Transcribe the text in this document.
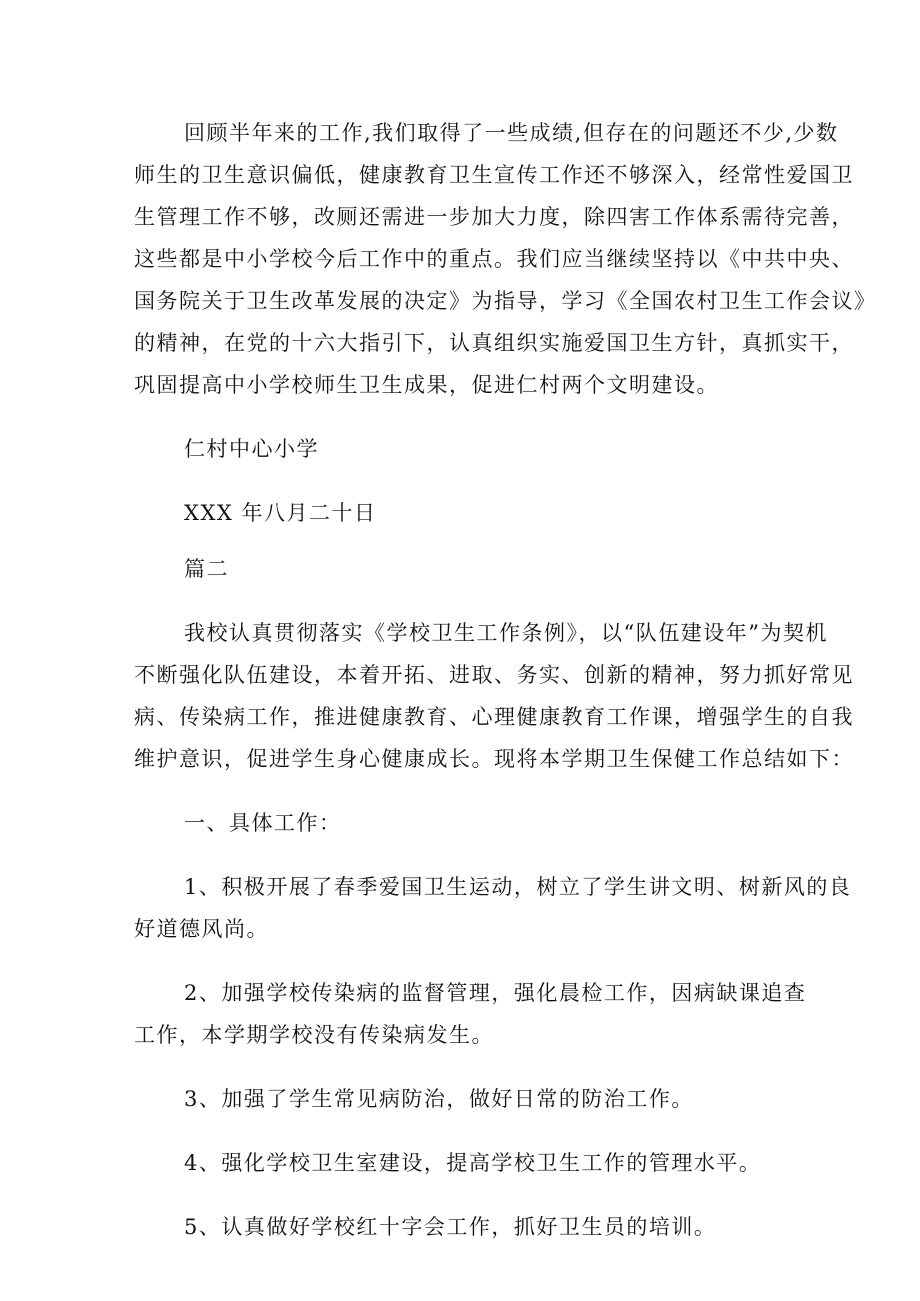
回顾半年来的工作,我们取得了一些成绩,但存在的问题还不少,少数
师生的卫生意识偏低，健康教育卫生宣传工作还不够深入，经常性爱国卫
生管理工作不够，改厕还需进一步加大力度，除四害工作体系需待完善，
这些都是中小学校今后工作中的重点。我们应当继续坚持以《中共中央、
国务院关于卫生改革发展的决定》为指导，学习《全国农村卫生工作会议》
的精神，在党的十六大指引下，认真组织实施爱国卫生方针，真抓实干，
巩固提高中小学校师生卫生成果，促进仁村两个文明建设。
仁村中心小学
XXX 年八月二十日
篇二
我校认真贯彻落实《学校卫生工作条例》，以“队伍建设年”为契机
不断强化队伍建设，本着开拓、进取、务实、创新的精神，努力抓好常见
病、传染病工作，推进健康教育、心理健康教育工作课，增强学生的自我
维护意识，促进学生身心健康成长。现将本学期卫生保健工作总结如下：
一、具体工作：
1、积极开展了春季爱国卫生运动，树立了学生讲文明、树新风的良
好道德风尚。
2、加强学校传染病的监督管理，强化晨检工作，因病缺课追查
工作，本学期学校没有传染病发生。
3、加强了学生常见病防治，做好日常的防治工作。
4、强化学校卫生室建设，提高学校卫生工作的管理水平。
5、认真做好学校红十字会工作，抓好卫生员的培训。
